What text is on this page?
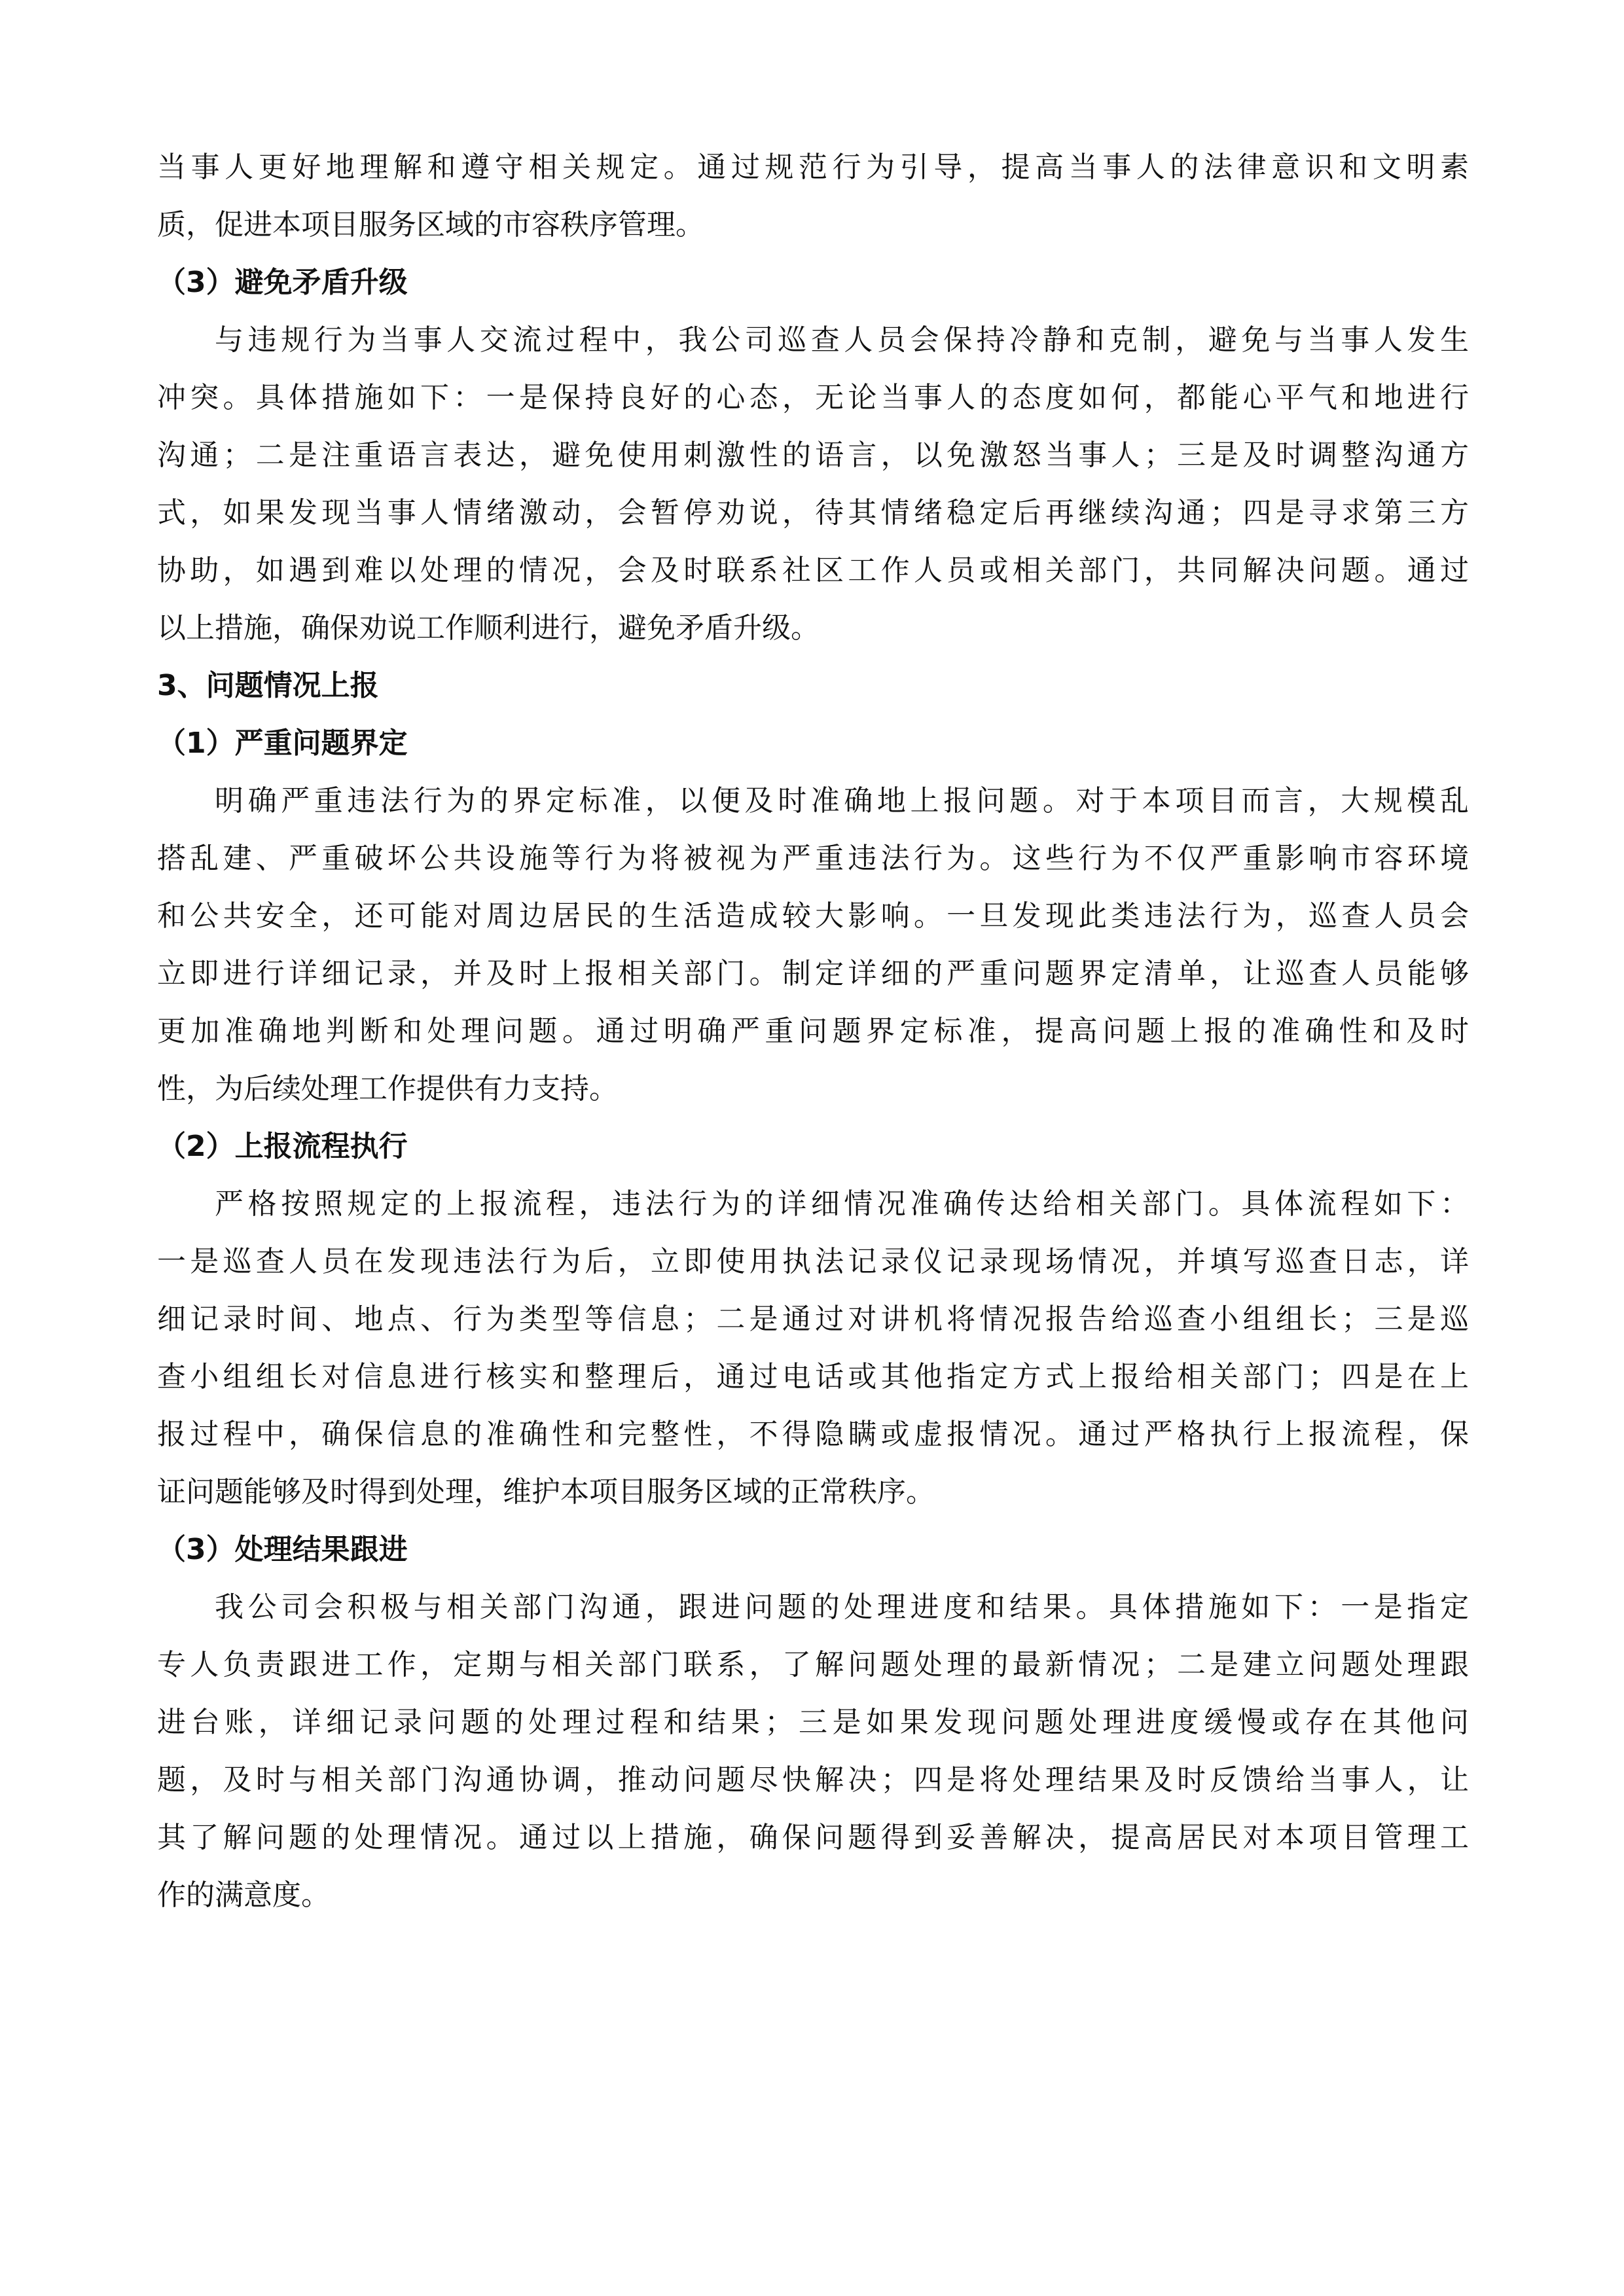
当事人更好地理解和遵守相关规定。通过规范行为引导，提高当事人的法律意识和文明素
质，促进本项目服务区域的市容秩序管理。
（3）避免矛盾升级
与违规行为当事人交流过程中，我公司巡查人员会保持冷静和克制，避免与当事人发生
冲突。具体措施如下：一是保持良好的心态，无论当事人的态度如何，都能心平气和地进行
沟通；二是注重语言表达，避免使用刺激性的语言，以免激怒当事人；三是及时调整沟通方
式，如果发现当事人情绪激动，会暂停劝说，待其情绪稳定后再继续沟通；四是寻求第三方
协助，如遇到难以处理的情况，会及时联系社区工作人员或相关部门，共同解决问题。通过
以上措施，确保劝说工作顺利进行，避免矛盾升级。
3、问题情况上报
（1）严重问题界定
明确严重违法行为的界定标准，以便及时准确地上报问题。对于本项目而言，大规模乱
搭乱建、严重破坏公共设施等行为将被视为严重违法行为。这些行为不仅严重影响市容环境
和公共安全，还可能对周边居民的生活造成较大影响。一旦发现此类违法行为，巡查人员会
立即进行详细记录，并及时上报相关部门。制定详细的严重问题界定清单，让巡查人员能够
更加准确地判断和处理问题。通过明确严重问题界定标准，提高问题上报的准确性和及时
性，为后续处理工作提供有力支持。
（2）上报流程执行
严格按照规定的上报流程，违法行为的详细情况准确传达给相关部门。具体流程如下：
一是巡查人员在发现违法行为后，立即使用执法记录仪记录现场情况，并填写巡查日志，详
细记录时间、地点、行为类型等信息；二是通过对讲机将情况报告给巡查小组组长；三是巡
查小组组长对信息进行核实和整理后，通过电话或其他指定方式上报给相关部门；四是在上
报过程中，确保信息的准确性和完整性，不得隐瞒或虚报情况。通过严格执行上报流程，保
证问题能够及时得到处理，维护本项目服务区域的正常秩序。
（3）处理结果跟进
我公司会积极与相关部门沟通，跟进问题的处理进度和结果。具体措施如下：一是指定
专人负责跟进工作，定期与相关部门联系，了解问题处理的最新情况；二是建立问题处理跟
进台账，详细记录问题的处理过程和结果；三是如果发现问题处理进度缓慢或存在其他问
题，及时与相关部门沟通协调，推动问题尽快解决；四是将处理结果及时反馈给当事人，让
其了解问题的处理情况。通过以上措施，确保问题得到妥善解决，提高居民对本项目管理工
作的满意度。
